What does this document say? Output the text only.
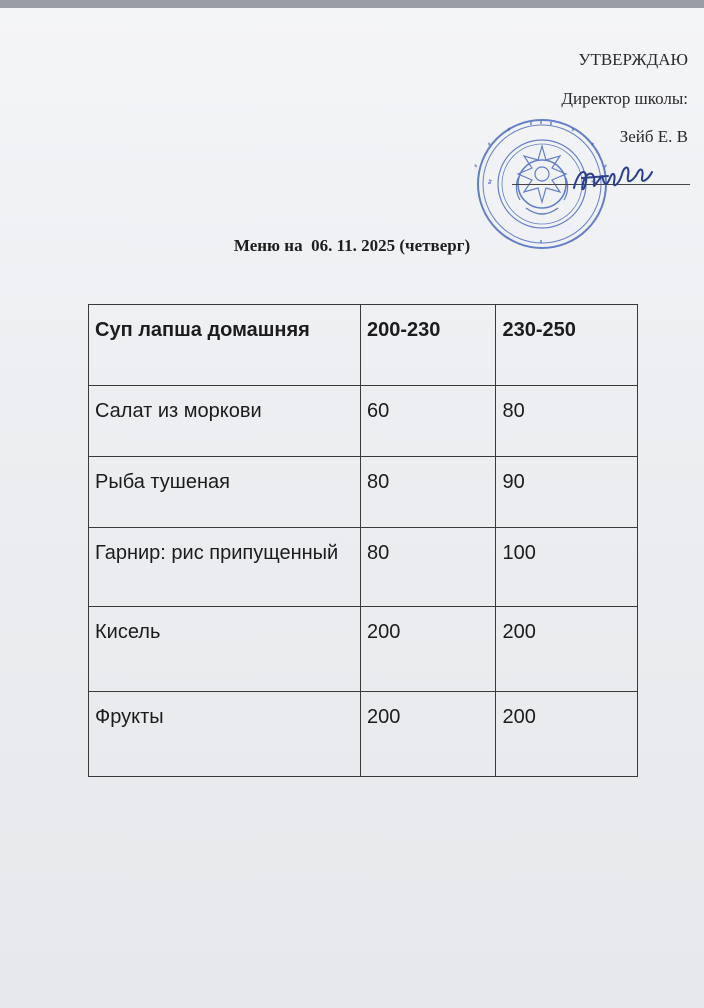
УТВЕРЖДАЮ
Директор школы:
Зейб Е. В
Меню на  06. 11. 2025 (четверг)
Суп лапша домашняя	200-230	230-250
Салат из моркови	60	80
Рыба тушеная	80	90
Гарнир: рис припущенный	80	100
Кисель	200	200
Фрукты	200	200
